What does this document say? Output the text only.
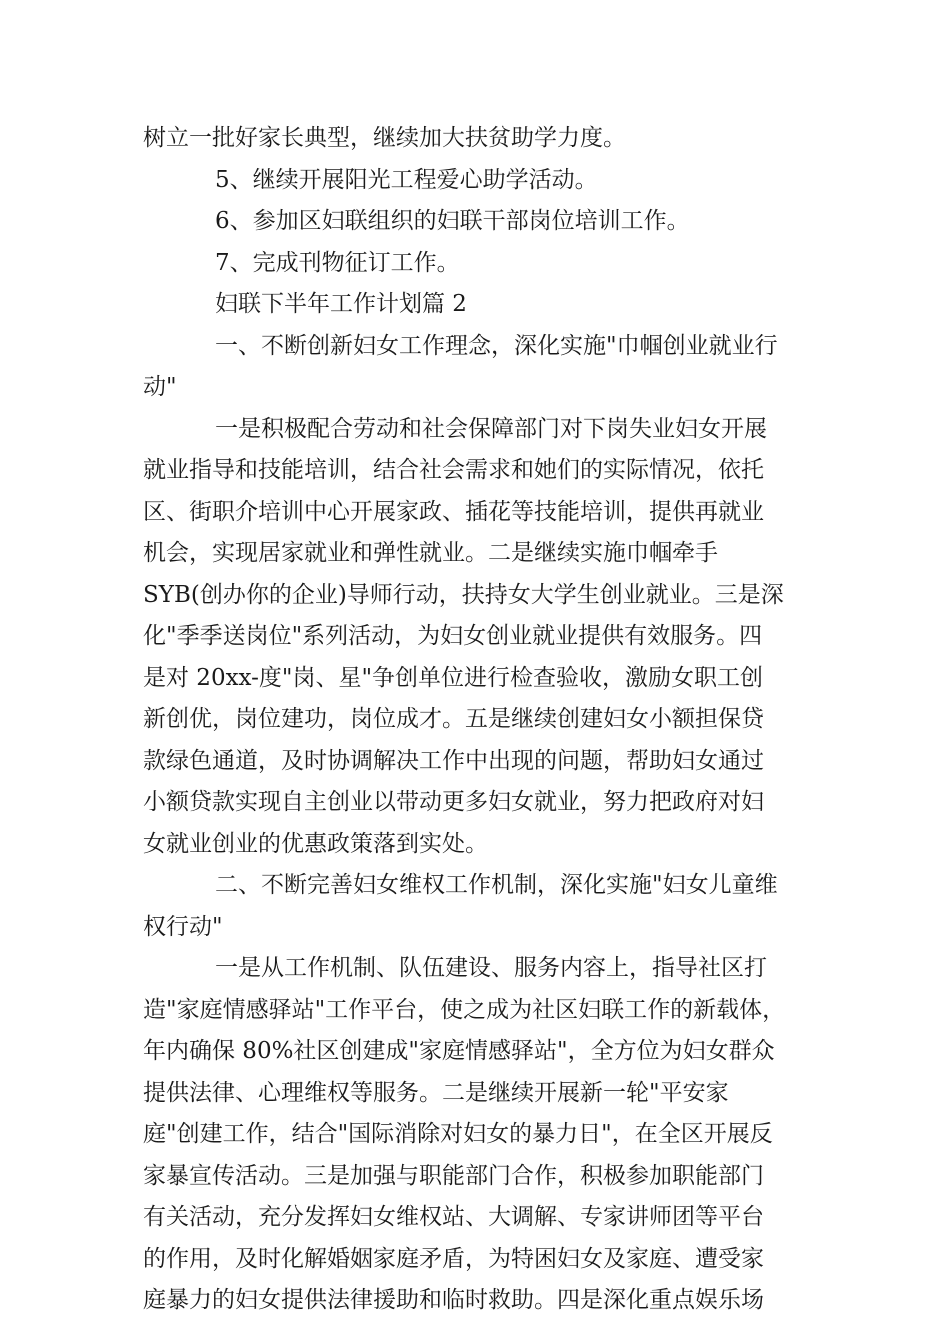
树立一批好家长典型，继续加大扶贫助学力度。
5、继续开展阳光工程爱心助学活动。
6、参加区妇联组织的妇联干部岗位培训工作。
7、完成刊物征订工作。
妇联下半年工作计划篇 2
一、不断创新妇女工作理念，深化实施"巾帼创业就业行
动"
一是积极配合劳动和社会保障部门对下岗失业妇女开展
就业指导和技能培训，结合社会需求和她们的实际情况，依托
区、街职介培训中心开展家政、插花等技能培训，提供再就业
机会，实现居家就业和弹性就业。二是继续实施巾帼牵手
SYB(创办你的企业)导师行动，扶持女大学生创业就业。三是深
化"季季送岗位"系列活动，为妇女创业就业提供有效服务。四
是对 20xx-度"岗、星"争创单位进行检查验收，激励女职工创
新创优，岗位建功，岗位成才。五是继续创建妇女小额担保贷
款绿色通道，及时协调解决工作中出现的问题，帮助妇女通过
小额贷款实现自主创业以带动更多妇女就业，努力把政府对妇
女就业创业的优惠政策落到实处。
二、不断完善妇女维权工作机制，深化实施"妇女儿童维
权行动"
一是从工作机制、队伍建设、服务内容上，指导社区打
造"家庭情感驿站"工作平台，使之成为社区妇联工作的新载体，
年内确保 80%社区创建成"家庭情感驿站"，全方位为妇女群众
提供法律、心理维权等服务。二是继续开展新一轮"平安家
庭"创建工作，结合"国际消除对妇女的暴力日"，在全区开展反
家暴宣传活动。三是加强与职能部门合作，积极参加职能部门
有关活动，充分发挥妇女维权站、大调解、专家讲师团等平台
的作用，及时化解婚姻家庭矛盾，为特困妇女及家庭、遭受家
庭暴力的妇女提供法律援助和临时救助。四是深化重点娱乐场
